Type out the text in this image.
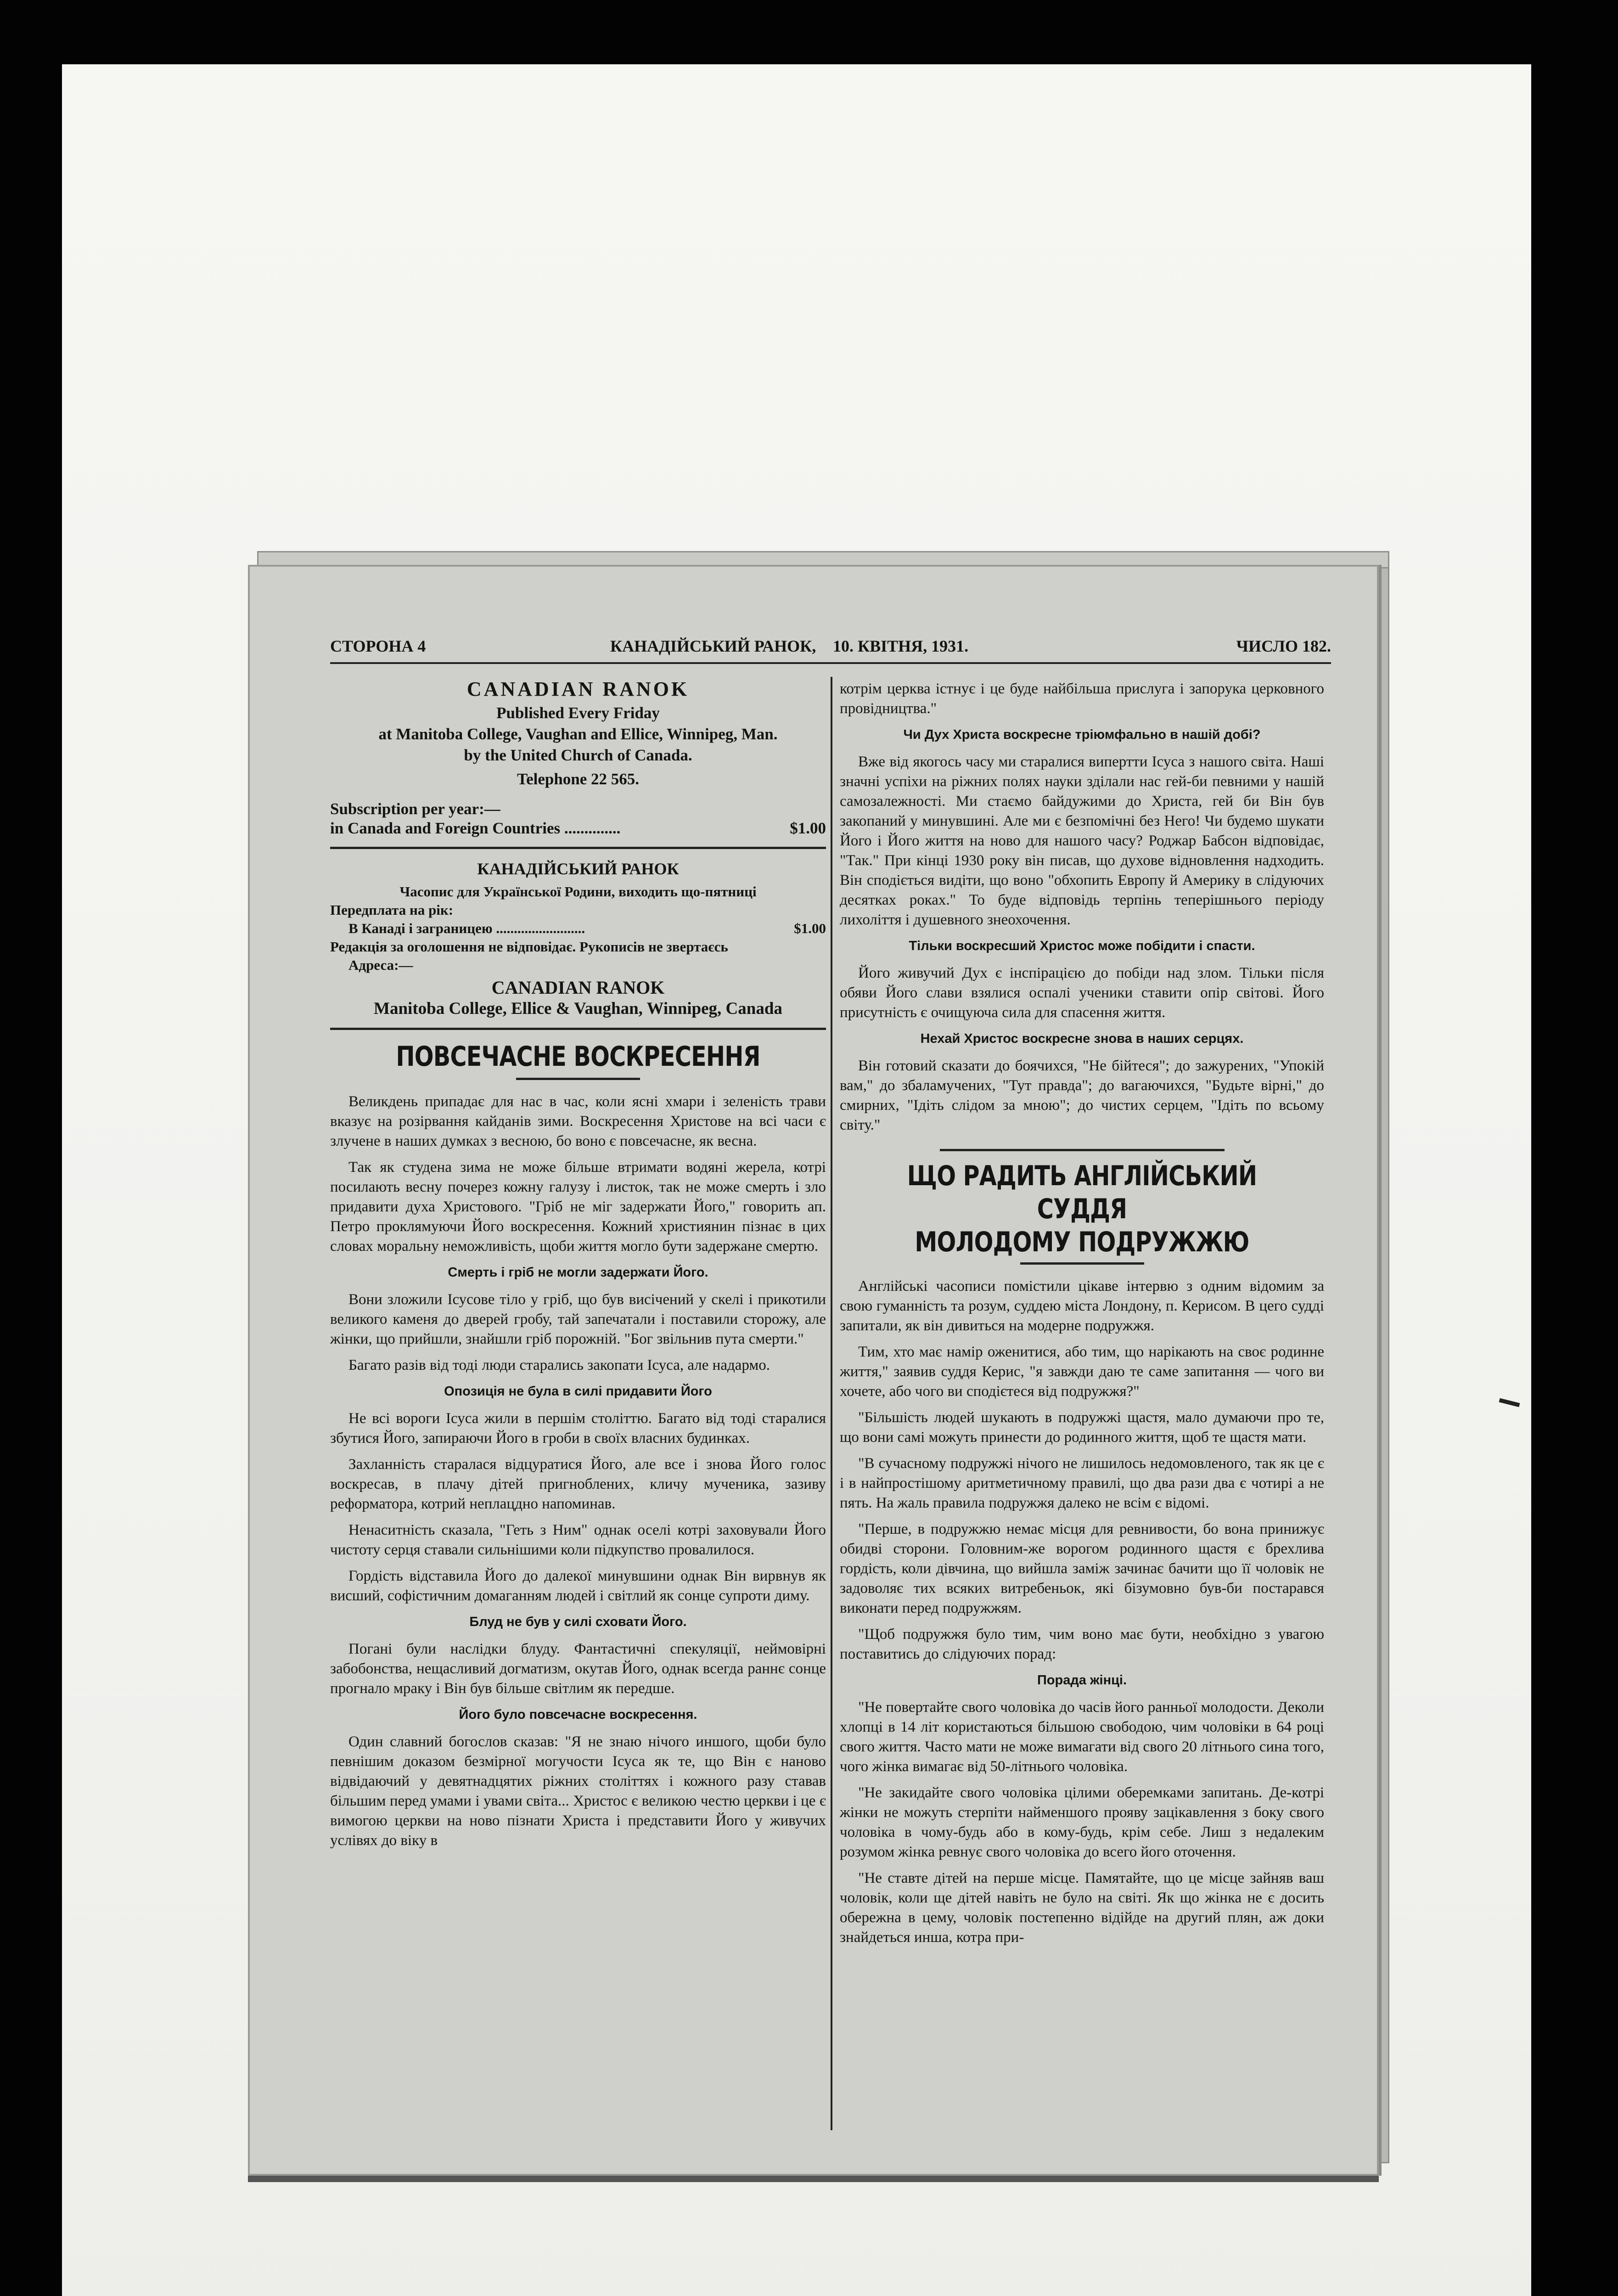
СТОРОНА 4	КАНАДІЙСЬКИЙ РАНОК, 10. КВІТНЯ, 1931.	ЧИСЛО 182.
CANADIAN RANOK
Published Every Friday
at Manitoba College, Vaughan and Ellice, Winnipeg, Man.
by the United Church of Canada.
Telephone 22 565.
Subscription per year:—
in Canada and Foreign Countries ..............	$1.00
КАНАДІЙСЬКИЙ РАНОК
Часопис для Української Родини, виходить що-пятниці
Передплата на рік:
В Канаді і заграницею .........................	$1.00
Редакція за оголошення не відповідає. Рукописів не звертаєсь
Адреса:—
CANADIAN RANOK
Manitoba College, Ellice & Vaughan, Winnipeg, Canada
ПОВСЕЧАСНЕ ВОСКРЕСЕННЯ

Великдень припадає для нас в час, коли ясні хмари і зеленість трави вказує на розірвання кайданів зими. Воскресення Христове на всі часи є злучене в наших думках з весною, бо воно є повсечасне, як весна.

Так як студена зима не може більше втримати водяні жерела, котрі посилають весну почерез кожну галузу і листок, так не може смерть і зло придавити духа Христового. "Гріб не міг задержати Його," говорить ап. Петро проклямуючи Його воскресення. Кожний християнин пізнає в цих словах моральну неможливість, щоби життя могло бути задержане смертю.

Смерть і гріб не могли задержати Його.

Вони зложили Ісусове тіло у гріб, що був висічений у скелі і прикотили великого каменя до дверей гробу, тай запечатали і поставили сторожу, але жінки, що прийшли, знайшли гріб порожній. "Бог звільнив пута смерти."

Багато разів від тоді люди старались закопати Ісуса, але надармо.

Опозиція не була в силі придавити Його

Не всі вороги Ісуса жили в першім століттю. Багато від тоді старалися збутися Його, запираючи Його в гроби в своїх власних будинках.

Захланність старалася відцуратися Його, але все і знова Його голос воскресав, в плачу дітей пригноблених, кличу мученика, зазиву реформатора, котрий неплацдно напоминав.

Ненаситність сказала, "Геть з Ним" однак оселі котрі заховували Його чистоту серця ставали сильнішими коли підкупство провалилося.

Гордість відставила Його до далекої минувшини однак Він вирвнув як висший, софістичним домаганням людей і світлий як сонце супроти диму.

Блуд не був у силі сховати Його.

Погані були наслідки блуду. Фантастичні спекуляції, неймовірні забобонства, нещасливий догматизм, окутав Його, однак всегда раннє сонце прогнало мраку і Він був більше світлим як передше.

Його було повсечасне воскресення.

Один славний богослов сказав: "Я не знаю нічого иншого, щоби було певнішим доказом безмірної могучости Ісуса як те, що Він є наново відвідаючий у девятнадцятих ріжних століттях і кожного разу ставав більшим перед умами і увами світа... Христос є великою честю церкви і це є вимогою церкви на ново пізнати Христа і представити Його у живучих услівях до віку в

котрім церква істнує і це буде найбільша прислуга і запорука церковного провідництва."

Чи Дух Христа воскресне тріюмфально в нашій добі?

Вже від якогось часу ми старалися випертти Ісуса з нашого світа. Наші значні успіхи на ріжних полях науки зділали нас гей-би певними у нашій самозалежності. Ми стаємо байдужими до Христа, гей би Він був закопаний у минувшині. Але ми є безпомічні без Него! Чи будемо шукати Його і Його життя на ново для нашого часу? Роджар Бабсон відповідає, "Так." При кінці 1930 року він писав, що духове відновлення надходить. Він сподіється видіти, що воно "обхопить Европу й Америку в слідуючих десятках роках." То буде відповідь терпінь теперішнього періоду лихоліття і душевного знеохочення.

Тільки воскресший Христос може побідити і спасти.

Його живучий Дух є інспірацією до побіди над злом. Тільки після обяви Його слави взялися оспалі ученики ставити опір світові. Його присутність є очищуюча сила для спасення життя.

Нехай Христос воскресне знова в наших серцях.

Він готовий сказати до боячихся, "Не бійтеся"; до зажурених, "Упокій вам," до збаламучених, "Тут правда"; до вагаючихся, "Будьте вірні," до смирних, "Ідіть слідом за мною"; до чистих серцем, "Ідіть по всьому світу."

ЩО РАДИТЬ АНГЛІЙСЬКИЙ СУДДЯ
МОЛОДОМУ ПОДРУЖЖЮ

Англійські часописи помістили цікаве інтервю з одним відомим за свою гуманність та розум, суддею міста Лондону, п. Керисом. В цего судді запитали, як він дивиться на модерне подружжя.

Тим, хто має намір оженитися, або тим, що нарікають на своє родинне життя," заявив суддя Керис, "я завжди даю те саме запитання — чого ви хочете, або чого ви сподієтеся від подружжя?"

"Більшість людей шукають в подружжі щастя, мало думаючи про те, що вони самі можуть принести до родинного життя, щоб те щастя мати.

"В сучасному подружжі нічого не лишилось недомовленого, так як це є і в найпростішому аритметичному правилі, що два рази два є чотирі а не пять. На жаль правила подружжя далеко не всім є відомі.

"Перше, в подружжю немає місця для ревнивости, бо вона принижує обидві сторони. Головним-же ворогом родинного щастя є брехлива гордість, коли дівчина, що вийшла заміж зачинає бачити що її чоловік не задоволяє тих всяких витребеньок, які бізумовно був-би постарався виконати перед подружжям.

"Щоб подружжя було тим, чим воно має бути, необхідно з увагою поставитись до слідуючих порад:

Порада жінці.

"Не повертайте свого чоловіка до часів його ранньої молодости. Деколи хлопці в 14 літ користаються більшою свободою, чим чоловіки в 64 році свого життя. Часто мати не може вимагати від свого 20 літнього сина того, чого жінка вимагає від 50-літнього чоловіка.

"Не закидайте свого чоловіка цілими оберемками запитань. Де-котрі жінки не можуть стерпіти найменшого прояву зацікавлення з боку свого чоловіка в чому-будь або в кому-будь, крім себе. Лиш з недалеким розумом жінка ревнує свого чоловіка до всего його оточення.

"Не ставте дітей на перше місце. Памятайте, що це місце зайняв ваш чоловік, коли ще дітей навіть не було на світі. Як що жінка не є досить обережна в цему, чоловік постепенно відійде на другий плян, аж доки знайдеться инша, котра при-
